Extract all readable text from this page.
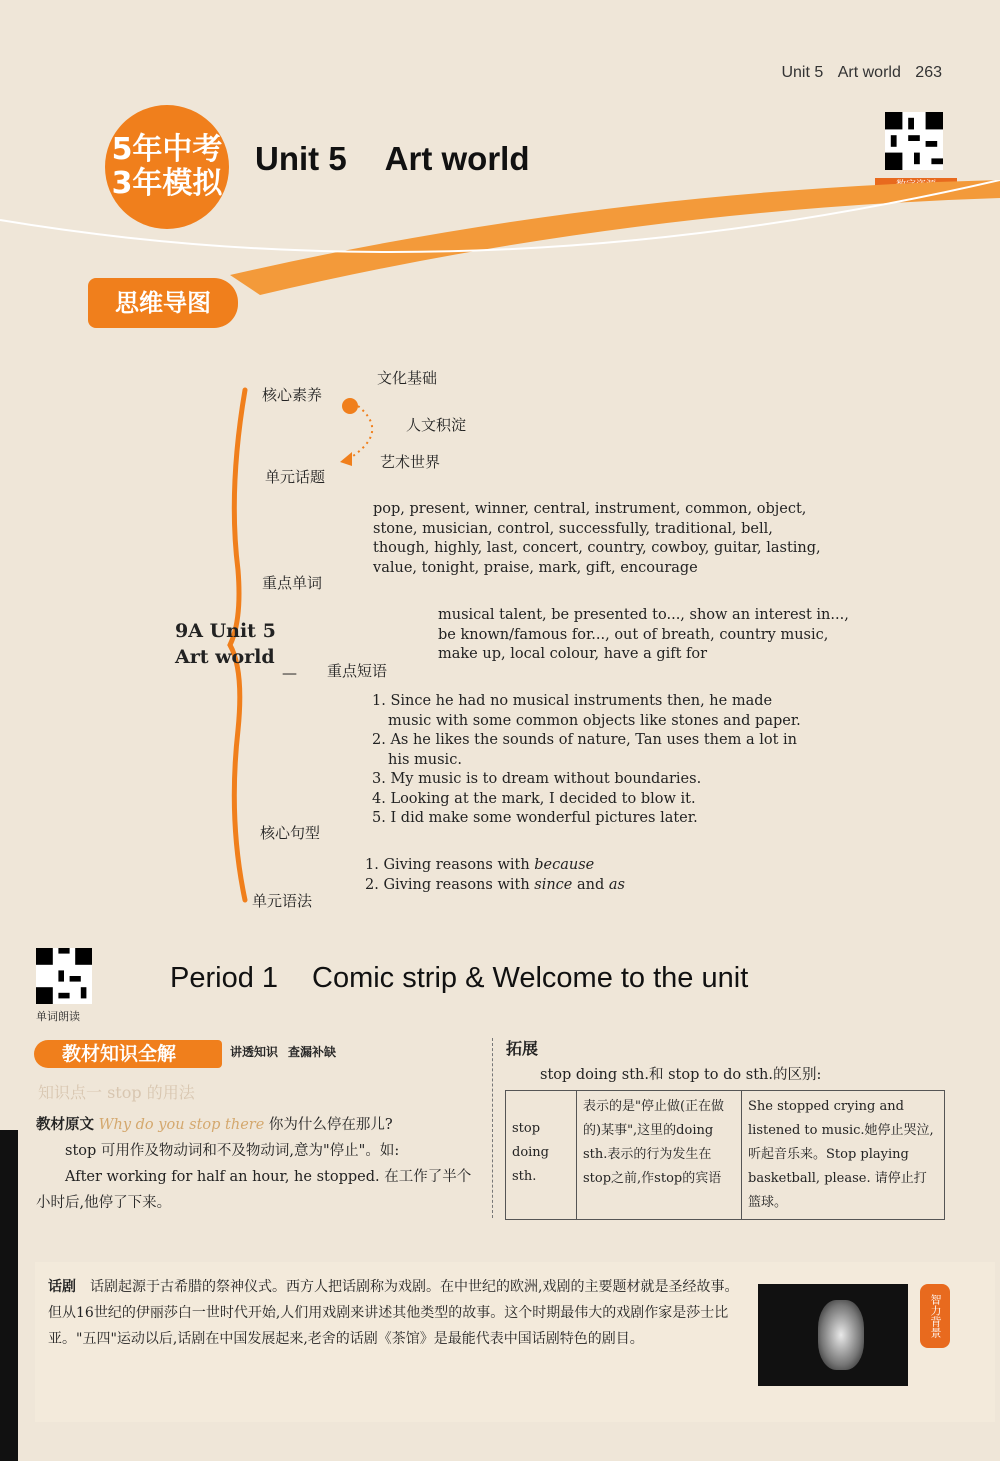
Unit 5 Art world 263
5年中考
3年模拟
Unit 5 Art world
思维导图
9A Unit 5
Art world
—
核心素养
文化基础
人文积淀
艺术世界
单元话题
pop, present, winner, central, instrument, common, object,
stone, musician, control, successfully, traditional, bell,
though, highly, last, concert, country, cowboy, guitar, lasting,
value, tonight, praise, mark, gift, encourage
重点单词
musical talent, be presented to..., show an interest in...,
be known/famous for..., out of breath, country music,
make up, local colour, have a gift for
重点短语
1. Since he had no musical instruments then, he made
music with some common objects like stones and paper.
2. As he likes the sounds of nature, Tan uses them a lot in
his music.
3. My music is to dream without boundaries.
4. Looking at the mark, I decided to blow it.
5. I did make some wonderful pictures later.
核心句型
1. Giving reasons with because
2. Giving reasons with since and as
单元语法
单词朗读
Period 1 Comic strip & Welcome to the unit
教材知识全解	讲透知识 查漏补缺
知识点一 stop 的用法
教材原文 Why do you stop there 你为什么停在那儿?
stop 可用作及物动词和不及物动词,意为"停止"。如:
After working for half an hour, he stopped. 在工作了半个小时后,他停了下来。
拓展
stop doing sth.和 stop to do sth.的区别:
stop doing sth.	表示的是"停止做(正在做的)某事",这里的doing sth.表示的行为发生在stop之前,作stop的宾语	She stopped crying and listened to music.她停止哭泣,听起音乐来。Stop playing basketball, please. 请停止打篮球。
话剧 话剧起源于古希腊的祭神仪式。西方人把话剧称为戏剧。在中世纪的欧洲,戏剧的主要题材就是圣经故事。但从16世纪的伊丽莎白一世时代开始,人们用戏剧来讲述其他类型的故事。这个时期最伟大的戏剧作家是莎士比亚。"五四"运动以后,话剧在中国发展起来,老舍的话剧《茶馆》是最能代表中国话剧特色的剧目。
智力背景
